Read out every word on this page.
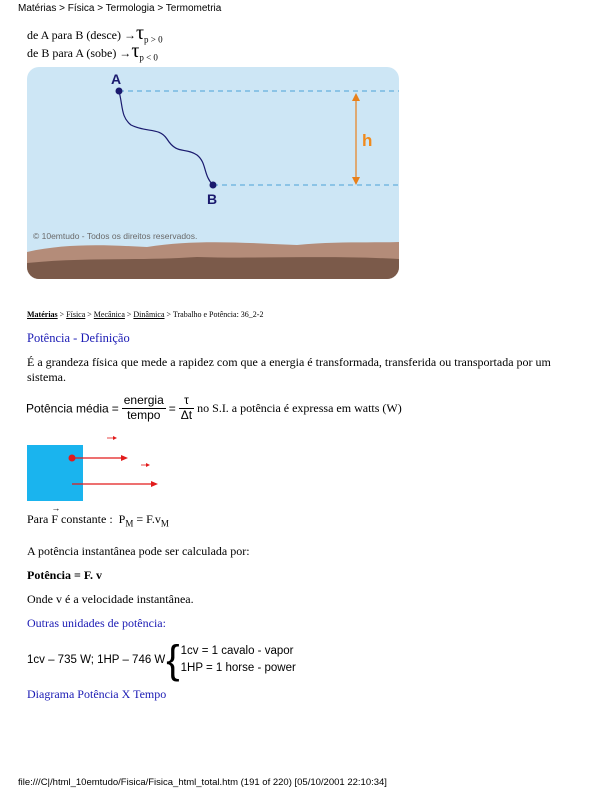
Matérias > Física > Termologia > Termometria
de A para B (desce) $\to\tau_{p > 0}$
de B para A (sobe) $\to\tau_{p < 0}$
A
B
h
© 10emtudo - Todos os direitos reservados.
Matérias > Física > Mecânica > Dinâmica > Trabalho e Potência: 36_2-2
Potência - Definição
É a grandeza física que mede a rapidez com que a energia é transformada, transferida ou transportada por um sistema.
Potência média = $\frac{\text{energia}}{\text{tempo}} = \frac{\tau}{\Delta t}$ no S.I. a potência é expressa em watts (W)
Para
→
F constante : $P_M = F.v_M$
A potência instantânea pode ser calculada por:
Potência = F. v
Onde v é a velocidade instantânea.
Outras unidades de potência:
1cv – 735 W; 1HP – 746 W{ 1cv = 1 cavalo - vapor
1HP = 1 horse - power
Diagrama Potência X Tempo
file:///C|/html_10emtudo/Fisica/Fisica_html_total.htm (191 of 220) [05/10/2001 22:10:34]
